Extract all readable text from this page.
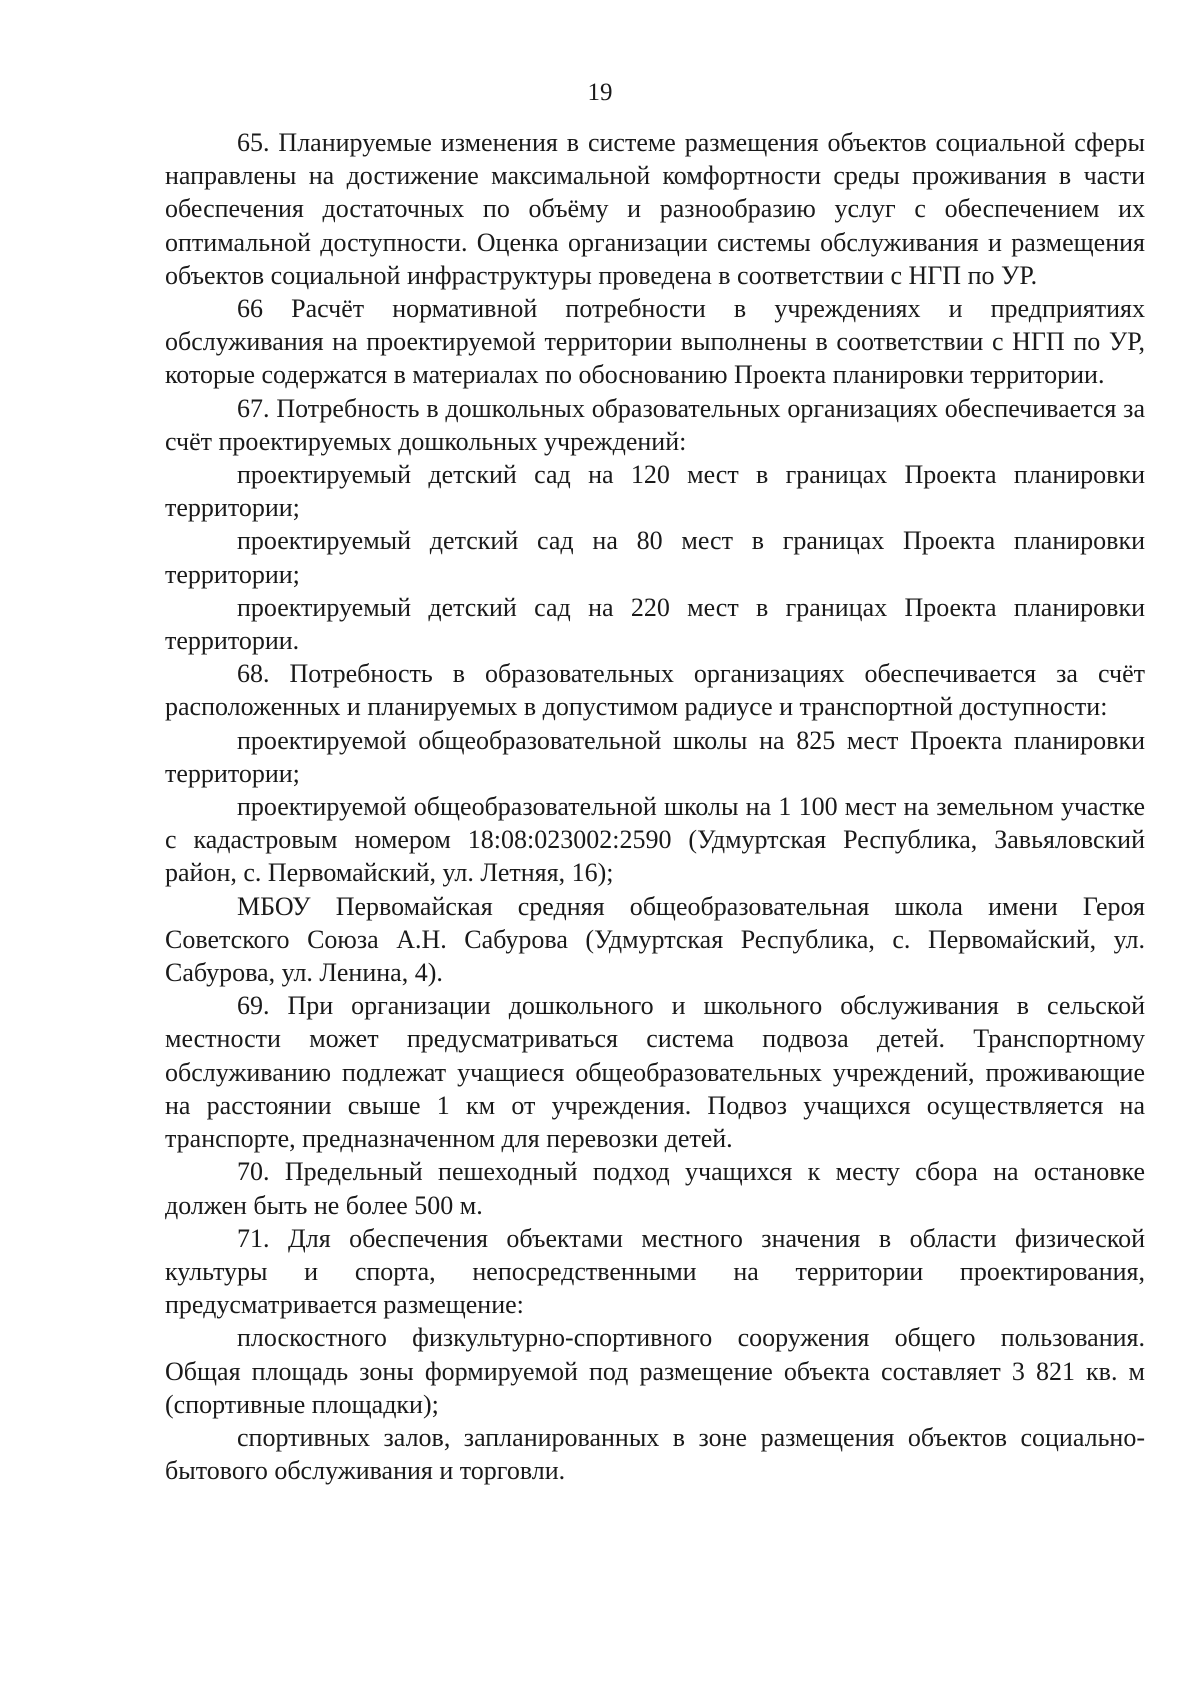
19

65. Планируемые изменения в системе размещения объектов социальной сферы направлены на достижение максимальной комфортности среды проживания в части обеспечения достаточных по объёму и разнообразию услуг с обеспечением их оптимальной доступности. Оценка организации системы обслуживания и размещения объектов социальной инфраструктуры проведена в соответствии с НГП по УР.

66 Расчёт нормативной потребности в учреждениях и предприятиях обслуживания на проектируемой территории выполнены в соответствии с НГП по УР, которые содержатся в материалах по обоснованию Проекта планировки территории.

67. Потребность в дошкольных образовательных организациях обеспечивается за счёт проектируемых дошкольных учреждений:

проектируемый детский сад на 120 мест в границах Проекта планировки территории;

проектируемый детский сад на 80 мест в границах Проекта планировки территории;

проектируемый детский сад на 220 мест в границах Проекта планировки территории.

68. Потребность в образовательных организациях обеспечивается за счёт расположенных и планируемых в допустимом радиусе и транспортной доступности:

проектируемой общеобразовательной школы на 825 мест Проекта планировки территории;

проектируемой общеобразовательной школы на 1 100 мест на земельном участке с кадастровым номером 18:08:023002:2590 (Удмуртская Республика, Завьяловский район, с. Первомайский, ул. Летняя, 16);

МБОУ Первомайская средняя общеобразовательная школа имени Героя Советского Союза А.Н. Сабурова (Удмуртская Республика, с. Первомайский, ул. Сабурова, ул. Ленина, 4).

69. При организации дошкольного и школьного обслуживания в сельской местности может предусматриваться система подвоза детей. Транспортному обслуживанию подлежат учащиеся общеобразовательных учреждений, проживающие на расстоянии свыше 1 км от учреждения. Подвоз учащихся осуществляется на транспорте, предназначенном для перевозки детей.

70. Предельный пешеходный подход учащихся к месту сбора на остановке должен быть не более 500 м.

71. Для обеспечения объектами местного значения в области физической культуры и спорта, непосредственными на территории проектирования, предусматривается размещение:

плоскостного физкультурно-спортивного сооружения общего пользования. Общая площадь зоны формируемой под размещение объекта составляет 3 821 кв. м (спортивные площадки);

спортивных залов, запланированных в зоне размещения объектов социально-бытового обслуживания и торговли.
